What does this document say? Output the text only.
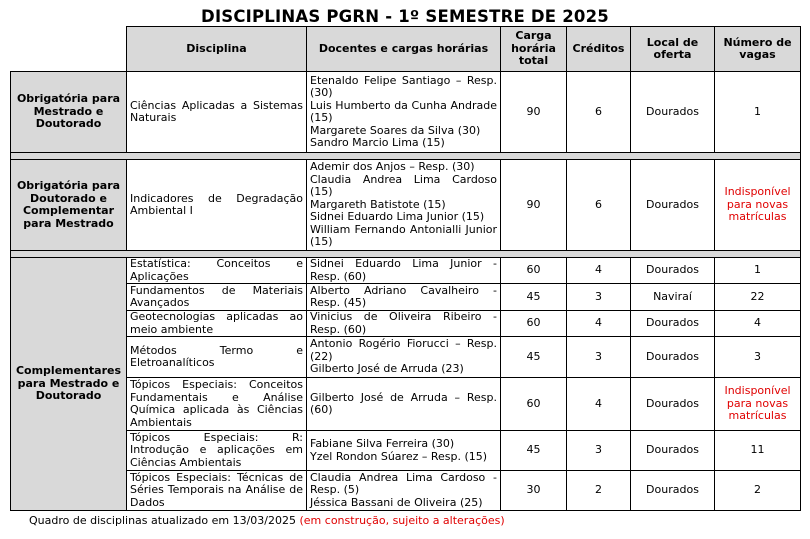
DISCIPLINAS PGRN - 1º SEMESTRE DE 2025
	Disciplina	Docentes e cargas horárias	Carga horária total	Créditos	Local de oferta	Número de vagas
Obrigatória para Mestrado e Doutorado	Ciências Aplicadas a Sistemas Naturais	Etenaldo Felipe Santiago – Resp. (30)
Luis Humberto da Cunha Andrade (15)
Margarete Soares da Silva (30)
Sandro Marcio Lima (15)	90	6	Dourados	1

Obrigatória para Doutorado e Complementar para Mestrado	Indicadores de Degradação Ambiental I	Ademir dos Anjos – Resp. (30)
Claudia Andrea Lima Cardoso (15)
Margareth Batistote (15)
Sidnei Eduardo Lima Junior (15)
William Fernando Antonialli Junior (15)	90	6	Dourados	Indisponível para novas matrículas

Complementares para Mestrado e Doutorado	Estatística: Conceitos e Aplicações	Sidnei Eduardo Lima Junior - Resp. (60)	60	4	Dourados	1
	Fundamentos de Materiais Avançados	Alberto Adriano Cavalheiro - Resp. (45)	45	3	Naviraí	22
	Geotecnologias aplicadas ao meio ambiente	Vinicius de Oliveira Ribeiro - Resp. (60)	60	4	Dourados	4
	Métodos Termo e Eletroanalíticos	Antonio Rogério Fiorucci – Resp. (22)
Gilberto José de Arruda (23)	45	3	Dourados	3
	Tópicos Especiais: Conceitos Fundamentais e Análise Química aplicada às Ciências Ambientais	Gilberto José de Arruda – Resp. (60)	60	4	Dourados	Indisponível para novas matrículas
	Tópicos Especiais: R: Introdução e aplicações em Ciências Ambientais	Fabiane Silva Ferreira (30)
Yzel Rondon Súarez – Resp. (15)	45	3	Dourados	11
	Tópicos Especiais: Técnicas de Séries Temporais na Análise de Dados	Claudia Andrea Lima Cardoso - Resp. (5)
Jéssica Bassani de Oliveira (25)	30	2	Dourados	2
Quadro de disciplinas atualizado em 13/03/2025 (em construção, sujeito a alterações)
